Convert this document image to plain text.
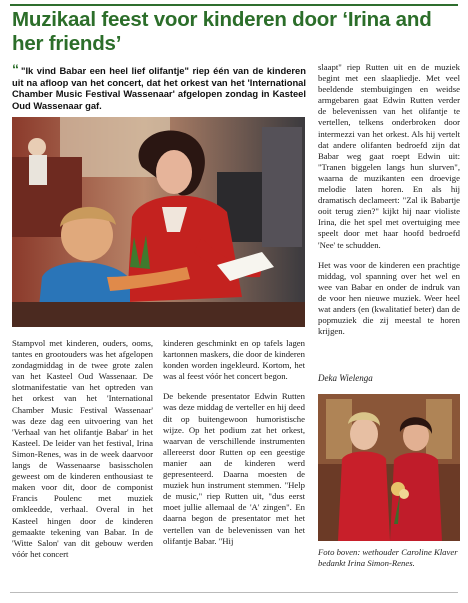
Muzikaal feest voor kinderen door ‘Irina and her friends’
“ "Ik vind Babar een heel lief olifantje" riep één van de kinderen uit na afloop van het concert, dat het orkest van het 'International Chamber Music Festival Wassenaar' afgelopen zondag in Kasteel Oud Wassenaar gaf.

Stampvol met kinderen, ouders, ooms, tantes en grootouders was het afgelopen zondagmiddag in de twee grote zalen van het Kasteel Oud Wassenaar. De slotmanifestatie van het optreden van het orkest van het 'International Chamber Music Festival Wassenaar' was deze dag een uitvoering van het 'Verhaal van het olifantje Babar' in het Kasteel. De leider van het festival, Irina Simon-Renes, was in de week daarvoor langs de Wassenaarse basisscholen geweest om de kinderen enthousiast te maken voor dit, door de componist Francis Poulenc met muziek omkleedde, verhaal. Overal in het Kasteel hingen door de kinderen gemaakte tekening van Babar. In de 'Witte Salon' van dit gebouw werden vóór het concert

kinderen geschminkt en op tafels lagen kartonnen maskers, die door de kinderen konden worden ingekleurd. Kortom, het was al feest vóór het concert begon.

De bekende presentator Edwin Rutten was deze middag de verteller en hij deed dit op buitengewoon humoristische wijze. Op het podium zat het orkest, waarvan de verschillende instrumenten allereerst door Rutten op een geestige manier aan de kinderen werd gepresenteerd. Daarna moesten de muziek hun instrument stemmen. "Help de music," riep Rutten uit, "dus eerst moet jullie allemaal de 'A' zingen". En daarna begon de presentator met het vertellen van de belevenissen van het olifantje Babar. "Hij

slaapt" riep Rutten uit en de muziek begint met een slaapliedje. Met veel beeldende stembuigingen en weidse armgebaren gaat Edwin Rutten verder de belevenissen van het olifantje te vertellen, telkens onderbroken door intermezzi van het orkest. Als hij vertelt dat andere olifanten bedroefd zijn dat Babar weg gaat roept Edwin uit: "Tranen biggelen langs hun slurven", waarna de muzikanten een droevige melodie laten horen. En als hij dramatisch declameert: "Zal ik Babartje ooit terug zien?" kijkt hij naar violiste Irina, die het spel met overtuiging mee speelt door met haar hoofd bedroefd 'Nee' te schudden.

Het was voor de kinderen een prachtige middag, vol spanning over het wel en wee van Babar en onder de indruk van de voor hen nieuwe muziek. Weer heel wat anders (en (kwalitatief beter) dan de popmuziek die zij meestal te horen krijgen.

Deka Wielenga
Foto boven: wethouder Caroline Klaver bedankt Irina Simon-Renes.
